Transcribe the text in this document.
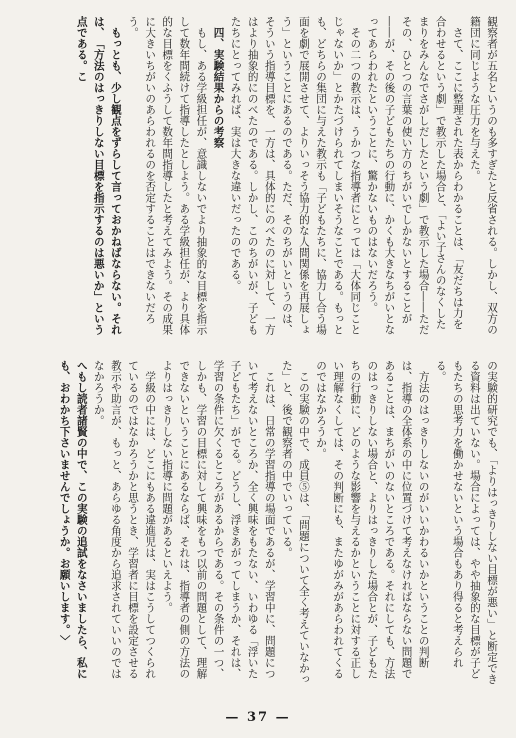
観察者が五名というのも多すぎたと反省される。しかし、双方の籍団に同じような圧力を与えた。

さて、ここに整理された表からわかることは、「友だちは力を合わせるという劇」で教示した場合と、「よい子さんのなくしたまりをみんなでさがしだしたという劇」で教示した場合――ただその、ひとつの言葉の使い方のちがいでしかないとすることが――が、その後の子どもたちの行動に、かくも大きなちがいとなってあらわれたということに、驚かないものはないだろう。

その二つの教示は、うかつな指導者にとっては「大体同じことじゃないか」とかたづけられてしまいそうなことである。もっとも、どちらの集団に与えた教示も「子どもたちに、協力し合う場面を劇で展開させて、よりいっそう協力的な人間関係を再展しょう」ということにあるのである。ただ、そのちがいというのは、そういう指導目標を、一方は、具体的にのべたのに対して、一方はより抽象的にのべたのである。しかし、このちがいが、子どもたちにとってみれば、実は大きな違いだったのである。

四、実験結果からの考察

もし、ある学級担任が、意識しないでより抽象的な目標を指示して数年間続けて指導したとしよう。ある学級担任が、より具体的な目標をくふうして数年間指導したと考えてみよう。その成果に大きいちがいのあらわれるのを否定することはできないだろう。

もっとも、少し観点をずらして言っておかねばならない。それは、「方法のはっきりしない目標を指示するのは悪いか」という点である。こ

の実験的研究でも、「よりはっきりしない目標が悪い」と断定できる資料は出ていない。場合によっては、やや抽象的な目標が子どもたちの思考力を働かせないという場合もあり得ると考えられる。

方法のはっきりしないのがいいかわるいかということの判断は、指導の全体系の中に位置づけて考えなければならない問題であることは、まちがいのないところである。それにしても、方法のはっきりしない場合と、よりはっきりした場合とが、子どもたちの行動に、どのような影響を与えるかということに対する正しい理解なくしては、その判断にも、またゆがみがあらわれてくるのではなかろうか。

この実験の中で、成員⑤は、「問題について全く考えていなかった」と、後で観察者の中でいっている。

これは、日常の学習指導の場面であるが、学習中に、問題について考えないところか、全く興味をもたない、いわゆる「浮いた子どもたち」がでる。どうし、浮きあがってしまうか、それは、学習の条件に欠くるところがあるからである。その条件の一つ、しかも、学習の目標に対して興味をもつ以前の問題として、理解できないということにあるならば、それは、指導者の側の方法のよりはっきりしない指導に問題があるといえよう。

学級の中には、どこにもある違進児は、実はこうしてつくられているのではなかろうかと思うとき、学習者に目標を設定させる教示や助言が、もっと、あらゆる角度から追求されていいのではなかろうか。

へもし読者諸賢の中で、この実験の追試をなさいましたら、私にも、おわかち下さいませんでしょうか。お願いします。〉

— 37 —
